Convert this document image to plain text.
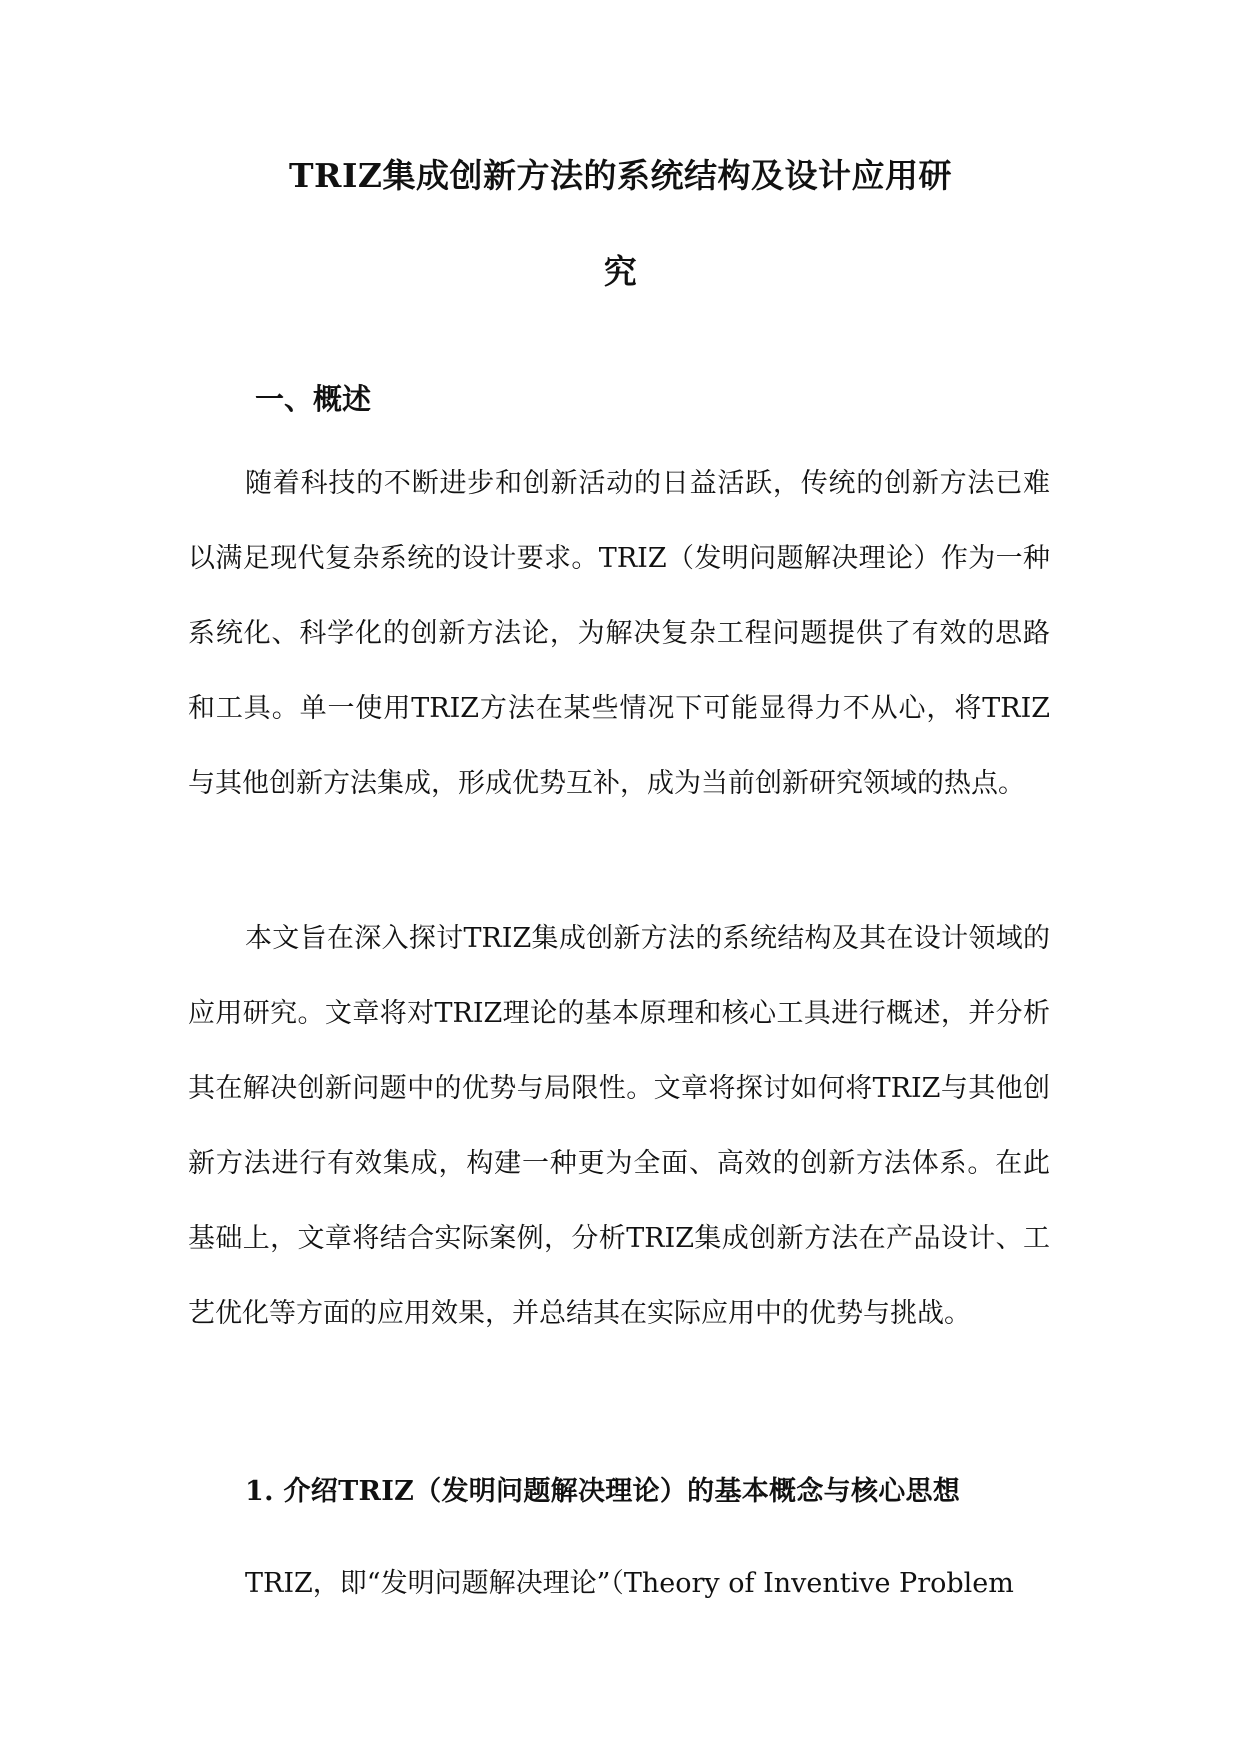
TRIZ集成创新方法的系统结构及设计应用研
究
一、概述

随着科技的不断进步和创新活动的日益活跃，传统的创新方法已难以满足现代复杂系统的设计要求。TRIZ（发明问题解决理论）作为一种系统化、科学化的创新方法论，为解决复杂工程问题提供了有效的思路和工具。单一使用TRIZ方法在某些情况下可能显得力不从心，将TRIZ与其他创新方法集成，形成优势互补，成为当前创新研究领域的热点。

本文旨在深入探讨TRIZ集成创新方法的系统结构及其在设计领域的应用研究。文章将对TRIZ理论的基本原理和核心工具进行概述，并分析其在解决创新问题中的优势与局限性。文章将探讨如何将TRIZ与其他创新方法进行有效集成，构建一种更为全面、高效的创新方法体系。在此基础上，文章将结合实际案例，分析TRIZ集成创新方法在产品设计、工艺优化等方面的应用效果，并总结其在实际应用中的优势与挑战。

1. 介绍TRIZ（发明问题解决理论）的基本概念与核心思想

TRIZ，即“发明问题解决理论”（Theory of Inventive Problem
